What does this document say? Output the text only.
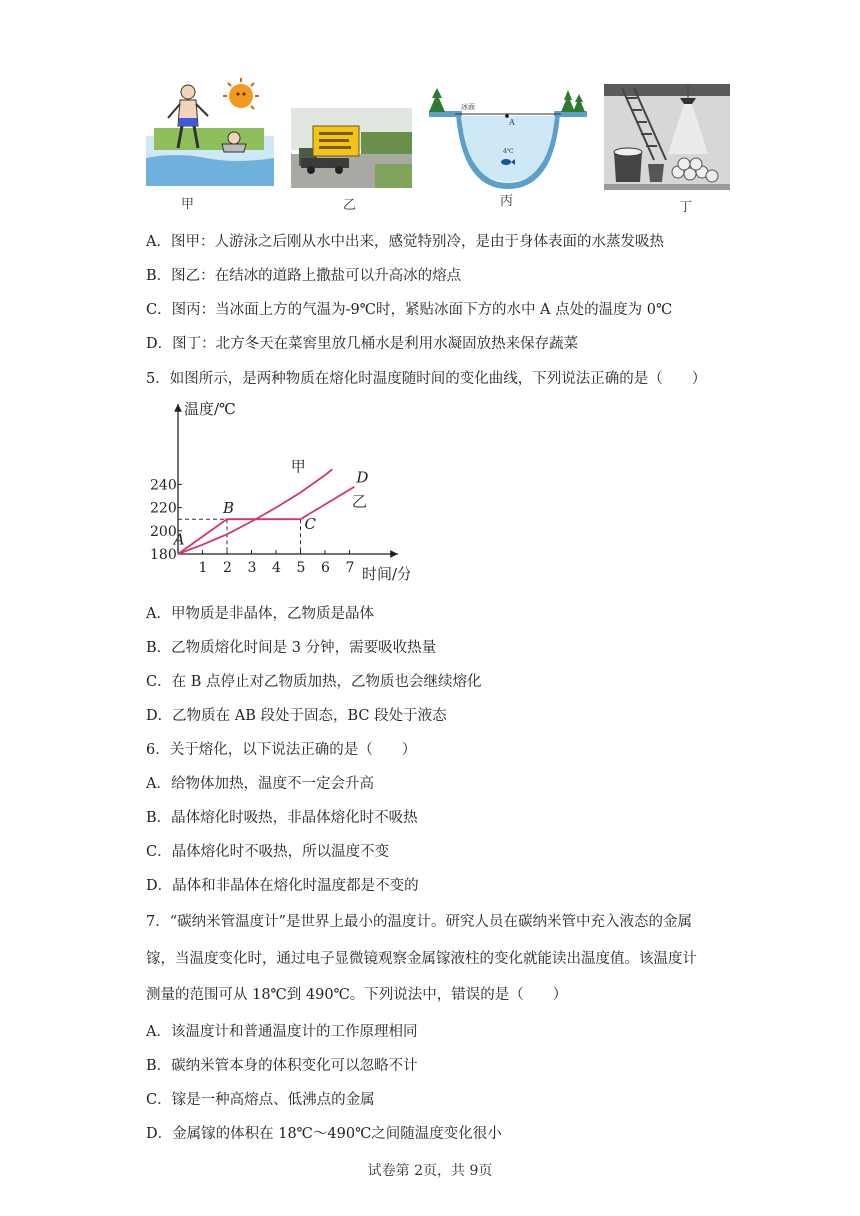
甲	乙
冰面
A
4℃
丙	丁
A．图甲：人游泳之后刚从水中出来，感觉特别冷，是由于身体表面的水蒸发吸热
B．图乙：在结冰的道路上撒盐可以升高冰的熔点
C．图丙：当冰面上方的气温为-9℃时，紧贴冰面下方的水中 A 点处的温度为 0℃
D．图丁：北方冬天在菜窖里放几桶水是利用水凝固放热来保存蔬菜
5．如图所示，是两种物质在熔化时温度随时间的变化曲线，下列说法正确的是（　　）
温度/℃
时间/分
1 2 3 4 5 6 7
180
200
220
240
甲
乙
A
B
C
D
A．甲物质是非晶体，乙物质是晶体
B．乙物质熔化时间是 3 分钟，需要吸收热量
C．在 B 点停止对乙物质加热，乙物质也会继续熔化
D．乙物质在 AB 段处于固态，BC 段处于液态
6．关于熔化，以下说法正确的是（　　）
A．给物体加热，温度不一定会升高
B．晶体熔化时吸热，非晶体熔化时不吸热
C．晶体熔化时不吸热，所以温度不变
D．晶体和非晶体在熔化时温度都是不变的
7．“碳纳米管温度计”是世界上最小的温度计。研究人员在碳纳米管中充入液态的金属
镓，当温度变化时，通过电子显微镜观察金属镓液柱的变化就能读出温度值。该温度计
测量的范围可从 18℃到 490℃。下列说法中，错误的是（　　）
A．该温度计和普通温度计的工作原理相同
B．碳纳米管本身的体积变化可以忽略不计
C．镓是一种高熔点、低沸点的金属
D．金属镓的体积在 18℃～490℃之间随温度变化很小
试卷第 2页，共 9页
